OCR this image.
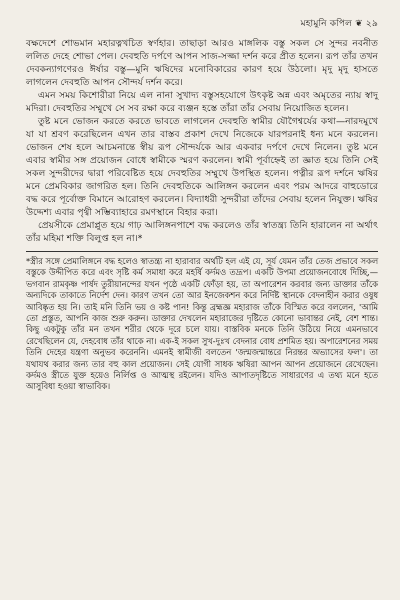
মহামুনি কপিল ❦ ২৯

বক্ষদেশে শোভমান মহারত্নখচিত স্বর্ণহার। তাছাড়া আরও মাঙ্গলিক বস্তু সকল সে সুন্দর নবনীত ললিত দেহে শোভা পেল। দেবহুতি দর্পণে আপন সাজ-সজ্জা দর্শন করে প্রীত হলেন। রূপ তাঁর তখন দেবকন্যাগণেরও ঈর্ষার বস্তু—মুনি ঋষিদের মনোবিকারের কারণ হয়ে উঠলো। মৃদু মৃদু হাসতে লাগলেন দেবহুতি আপন সৌন্দর্য দর্শন করে।

এমন সময় কিশোরীরা নিয়ে এল নানা সুখাদ্য বস্তুসহযোগে উৎকৃষ্ট অন্ন এবং অমৃতের ন্যায় স্বাদু মদিরা। দেবহুতির সম্মুখে সে সব রক্ষা করে ব্যঞ্জন হস্তে তাঁরা তাঁর সেবায় নিয়োজিত হলেন।

তুষ্ট মনে ভোজন করতে করতে ভাবতে লাগলেন দেবহুতি স্বামীর যৌগৈশ্বর্যের কথা—নারদমুখে যা যা শ্রবণ করেছিলেন এখন তার বাস্তব প্রকাশ দেখে নিজেকে যারপরনাই ধন্য মনে করলেন। ভোজন শেষ হলে আচমনান্তে স্বীয় রূপ সৌন্দর্যকে আর একবার দর্পণে দেখে নিলেন। তুষ্ট মনে এবার স্বামীর সঙ্গ প্রয়োজন বোধে স্বামীকে স্মরণ করলেন। স্বামী পূর্বাহ্নেই তা জ্ঞাত হয়ে তিনি সেই সকল সুন্দরীদের দ্বারা পরিবেষ্টিত হয়ে দেবহুতির সম্মুখে উপস্থিত হলেন। পত্নীর রূপ দর্শনে ঋষির মনে প্রেমবিকার জাগরিত হল। তিনি দেবহুতিকে আলিঙ্গন করলেন এবং পরম আদরে বাহুডোরে বদ্ধ করে পূর্বোক্ত বিমানে আরোহণ করলেন। বিদ্যাধরী সুন্দরীরা তাঁদের সেবায় হলেন নিযুক্ত। ঋষির উদ্দেশ্য এবার পৃথ্বী সম্ভিব্যাহারে রমণস্থানে বিহার করা।

প্রেয়সীকে প্রেমাপ্লুত হয়ে গাঢ় আলিঙ্গনপাশে বদ্ধ করলেও তাঁর স্বাতন্ত্র্য তিনি হারালেন না অর্থাৎ তাঁর মহিমা শক্তি বিলুপ্ত হল না।*

*স্ত্রীর সঙ্গে প্রেমালিঙ্গনে বদ্ধ হলেও স্বাতন্ত্র্য না হারাবার অর্থটি হল এই যে, সূর্য যেমন তাঁর তেজ প্রভাবে সকল বস্তুকে উদ্দীপিত করে এবং সৃষ্টি কর্ম সমাধা করে মহর্ষি কর্দমও তদ্রূপ। একটি উপমা প্রয়োজনবোধে দিচ্ছি,—ভগবান রামকৃষ্ণ পার্ষদ তুরীয়ানন্দের যখন পৃষ্ঠে একটি ফোঁড়া হয়, তা অপারেশন করবার জন্য ডাক্তার তাঁকে অন্যদিকে তাকাতে নির্দেশ দেন। কারণ তখন তো আর ইনজেকশন করে নির্দিষ্ট স্থানকে বেদনাহীন করার ওষুধ আবিষ্কৃত হয় নি। তাই মনি তিনি ভয় ও কষ্ট পান! কিন্তু ব্রহ্মজ্ঞ মহারাজ তাঁকে বিস্মিত করে বললেন, 'আমি তো প্রস্তুত, আপনি কাজ শুরু করুন। ডাক্তার দেখলেন মহারাজের দৃষ্টিতে কোনো ভাবান্তর নেই, বেশ শান্ত। কিছু একটুকু তাঁর মন তখন শরীর থেকে দূরে চলে যায়। বাস্তবিক মনকে তিনি উঠিয়ে নিয়ে এমনভাবে রেখেছিলেন যে, দেহবোধ তাঁর থাকে না। এক-ই সকল সুখ-দুঃখ বেদনার বোধ প্রশমিত হয়। অপারেশনের সময় তিনি দেহের যন্ত্রণা অনুভব করেননি। এমনই স্বামীজী বলতেন 'জন্মজন্মান্তরে নিরন্তর অভ্যাসের ফল'। তা যথাযথ করার জন্য তার বহু কাল প্রয়োজন। সেই যোগী সাধক ঋষিরা আপন আপন প্রয়োজনে রেখেছেন। কর্দমও স্ত্রীতে যুক্ত হয়েও নির্লিপ্ত ও আত্মস্থ রইলেন। যদিও আপাতদৃষ্টিতে সাধারণের এ তথ্য মনে হতে আসুবিধা হওয়া স্বাভাবিক।
